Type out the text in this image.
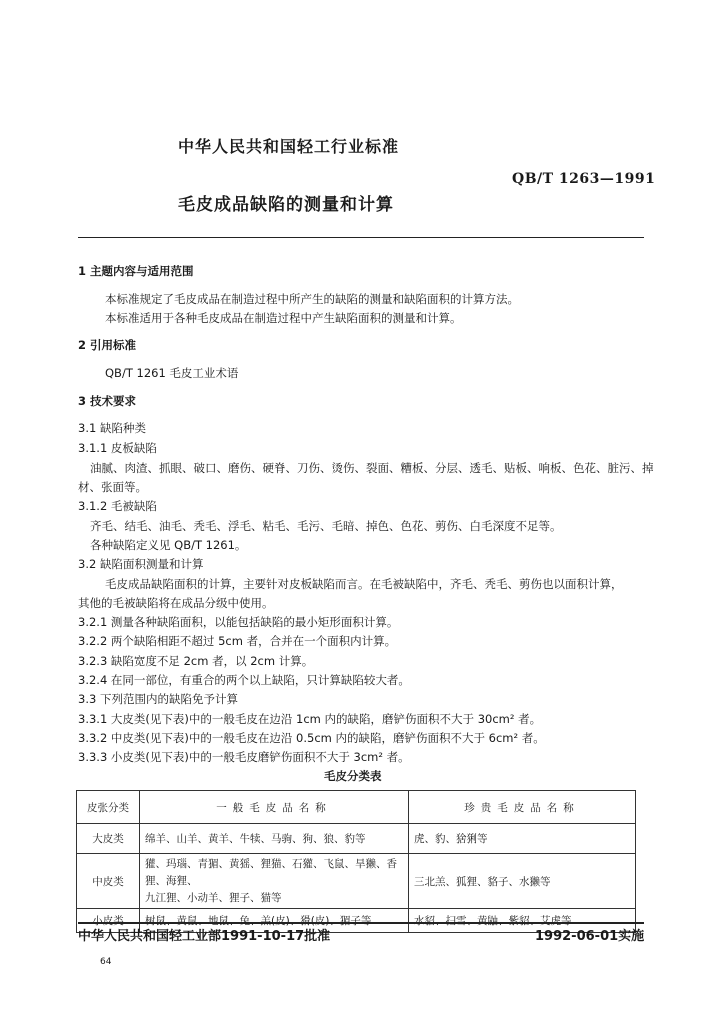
中华人民共和国轻工行业标准
QB/T 1263—1991
毛皮成品缺陷的测量和计算
1 主题内容与适用范围
本标准规定了毛皮成品在制造过程中所产生的缺陷的测量和缺陷面积的计算方法。
本标准适用于各种毛皮成品在制造过程中产生缺陷面积的测量和计算。
2 引用标准
QB/T 1261 毛皮工业术语
3 技术要求
3.1 缺陷种类
3.1.1 皮板缺陷
油腻、肉渣、抓眼、破口、磨伤、硬脊、刀伤、烫伤、裂面、糟板、分层、透毛、贴板、响板、色花、脏污、掉
材、张面等。
3.1.2 毛被缺陷
齐毛、结毛、油毛、秃毛、浮毛、粘毛、毛污、毛暗、掉色、色花、剪伤、白毛深度不足等。
各种缺陷定义见 QB/T 1261。
3.2 缺陷面积测量和计算
毛皮成品缺陷面积的计算，主要针对皮板缺陷而言。在毛被缺陷中，齐毛、秃毛、剪伤也以面积计算，
其他的毛被缺陷将在成品分级中使用。
3.2.1 测量各种缺陷面积，以能包括缺陷的最小矩形面积计算。
3.2.2 两个缺陷相距不超过 5cm 者，合并在一个面积内计算。
3.2.3 缺陷宽度不足 2cm 者，以 2cm 计算。
3.2.4 在同一部位，有重合的两个以上缺陷，只计算缺陷较大者。
3.3 下列范围内的缺陷免予计算
3.3.1 大皮类(见下表)中的一般毛皮在边沿 1cm 内的缺陷，磨铲伤面积不大于 30cm² 者。
3.3.2 中皮类(见下表)中的一般毛皮在边沿 0.5cm 内的缺陷，磨铲伤面积不大于 6cm² 者。
3.3.3 小皮类(见下表)中的一般毛皮磨铲伤面积不大于 3cm² 者。
毛皮分类表
皮张分类	一般毛皮品名称	珍贵毛皮品名称
大皮类	绵羊、山羊、黄羊、牛犊、马驹、狗、狼、豹等	虎、豹、猞猁等
中皮类	獾、玛瑙、青猸、黄猺、狸猫、石獾、飞鼠、旱獭、香狸、海狸、
九江狸、小动羊、狸子、猫等	三北羔、狐狸、貉子、水獭等
小皮类	树鼠、黄鼠、地鼠、兔、羔(皮)、猾(皮)、猸子等	水貂、扫雪、黄鼬、紫貂、艾虎等
中华人民共和国轻工业部1991-10-17批准	1992-06-01实施
64
